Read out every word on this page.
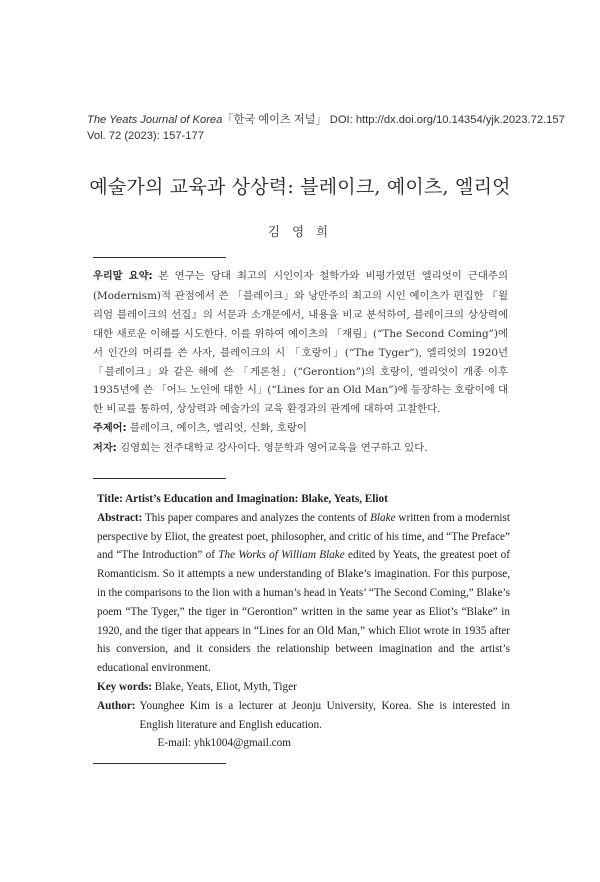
The Yeats Journal of Korea「한국 예이츠 저널」 DOI: http://dx.doi.org/10.14354/yjk.2023.72.157
Vol. 72 (2023): 157-177
예술가의 교육과 상상력: 블레이크, 예이츠, 엘리엇
김 영 희

우리말 요약: 본 연구는 당대 최고의 시인이자 철학가와 비평가였던 엘리엇이 근대주의(Modernism)적 관점에서 쓴 「블레이크」와 낭만주의 최고의 시인 예이츠가 편집한 『윌리엄 블레이크의 선집』의 서문과 소개문에서, 내용을 비교 분석하여, 블레이크의 상상력에 대한 새로운 이해를 시도한다. 이를 위하여 예이츠의 「재림」(“The Second Coming”)에서 인간의 머리를 쓴 사자, 블레이크의 시 「호랑이」(“The Tyger”), 엘리엇의 1920년 「블레이크」와 같은 해에 쓴 「게론천」(“Gerontion”)의 호랑이, 엘리엇이 개종 이후 1935년에 쓴 「어느 노인에 대한 시」(“Lines for an Old Man”)에 등장하는 호랑이에 대한 비교를 통하여, 상상력과 예술가의 교육 환경과의 관계에 대하여 고찰한다.

주제어: 블레이크, 예이츠, 엘리엇, 신화, 호랑이

저자: 김영희는 전주대학교 강사이다. 영문학과 영어교육을 연구하고 있다.

Title: Artist’s Education and Imagination: Blake, Yeats, Eliot

Abstract: This paper compares and analyzes the contents of Blake written from a modernist perspective by Eliot, the greatest poet, philosopher, and critic of his time, and “The Preface” and “The Introduction” of The Works of William Blake edited by Yeats, the greatest poet of Romanticism. So it attempts a new understanding of Blake’s imagination. For this purpose, in the comparisons to the lion with a human’s head in Yeats’ “The Second Coming,” Blake’s poem “The Tyger,” the tiger in “Gerontion” written in the same year as Eliot’s “Blake” in 1920, and the tiger that appears in “Lines for an Old Man,” which Eliot wrote in 1935 after his conversion, and it considers the relationship between imagination and the artist’s educational environment.

Key words: Blake, Yeats, Eliot, Myth, Tiger

Author: Younghee Kim is a lecturer at Jeonju University, Korea. She is interested in English literature and English education.
E-mail: yhk1004@gmail.com
